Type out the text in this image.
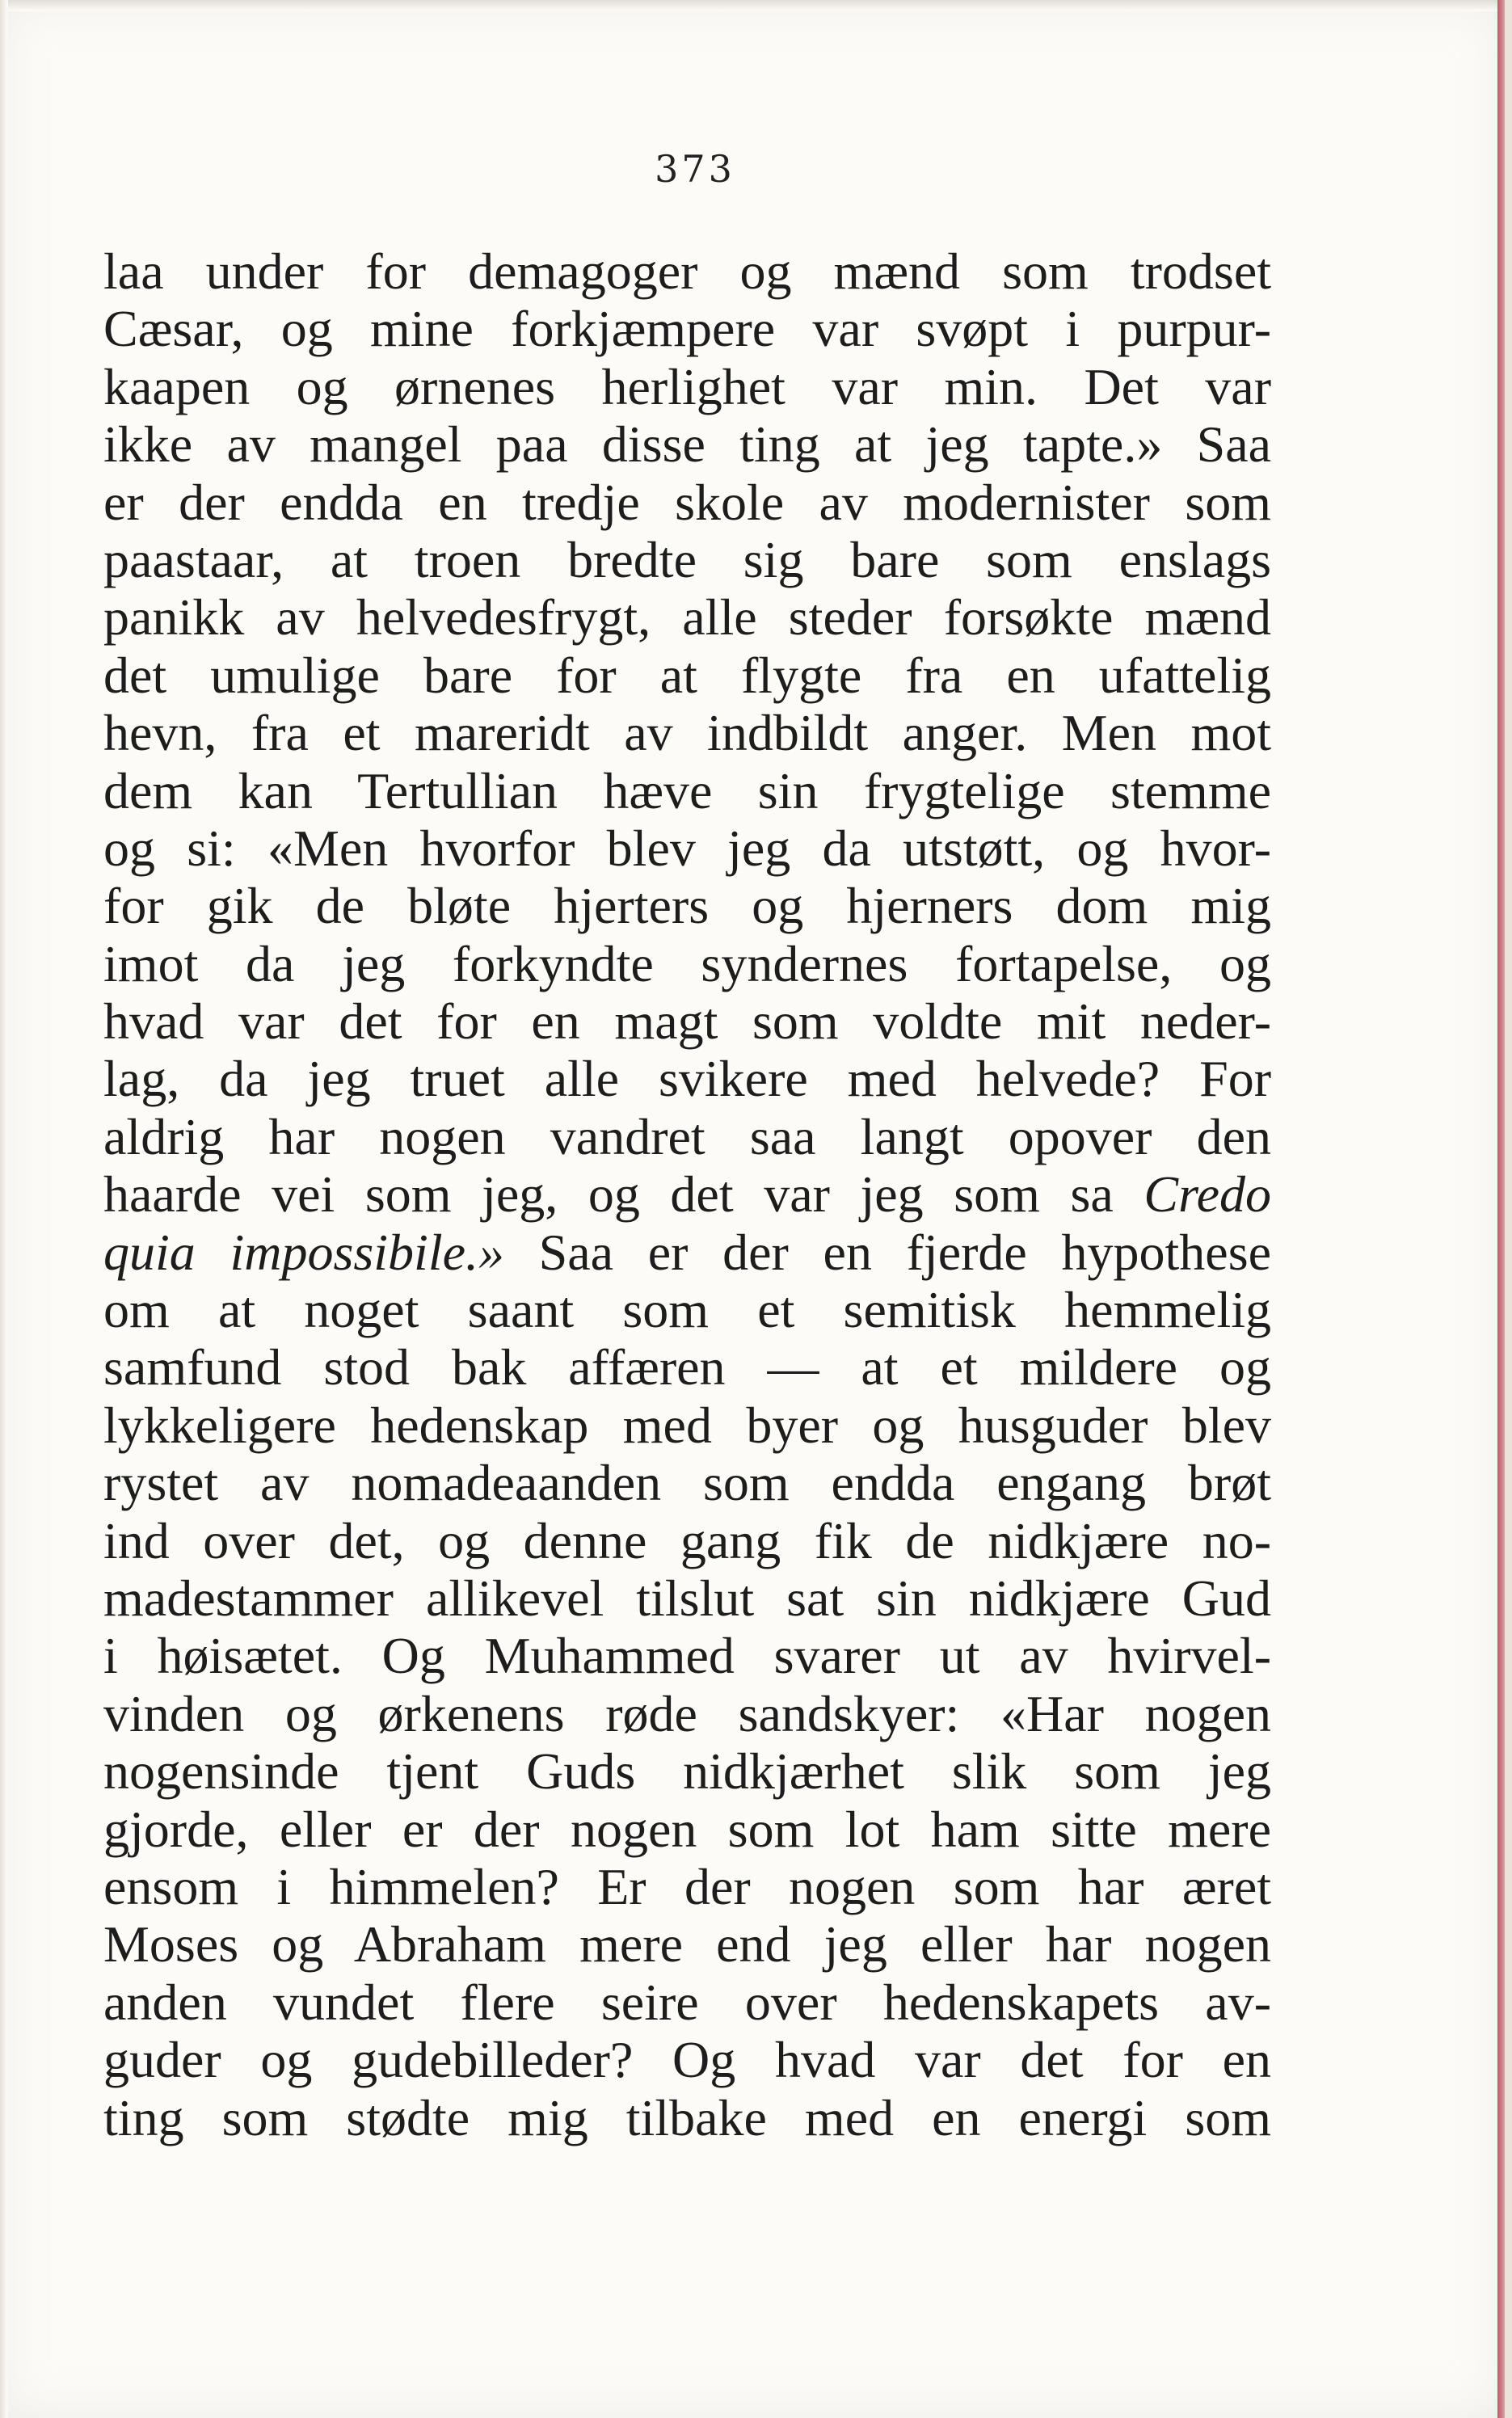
373
laa under for demagoger og mænd som trodset
Cæsar, og mine forkjæmpere var svøpt i purpur-
kaapen og ørnenes herlighet var min. Det var
ikke av mangel paa disse ting at jeg tapte.» Saa
er der endda en tredje skole av modernister som
paastaar, at troen bredte sig bare som enslags
panikk av helvedesfrygt, alle steder forsøkte mænd
det umulige bare for at flygte fra en ufattelig
hevn, fra et mareridt av indbildt anger. Men mot
dem kan Tertullian hæve sin frygtelige stemme
og si: «Men hvorfor blev jeg da utstøtt, og hvor-
for gik de bløte hjerters og hjerners dom mig
imot da jeg forkyndte syndernes fortapelse, og
hvad var det for en magt som voldte mit neder-
lag, da jeg truet alle svikere med helvede? For
aldrig har nogen vandret saa langt opover den
haarde vei som jeg, og det var jeg som sa Credo
quia impossibile.» Saa er der en fjerde hypothese
om at noget saant som et semitisk hemmelig
samfund stod bak affæren — at et mildere og
lykkeligere hedenskap med byer og husguder blev
rystet av nomadeaanden som endda engang brøt
ind over det, og denne gang fik de nidkjære no-
madestammer allikevel tilslut sat sin nidkjære Gud
i høisætet. Og Muhammed svarer ut av hvirvel-
vinden og ørkenens røde sandskyer: «Har nogen
nogensinde tjent Guds nidkjærhet slik som jeg
gjorde, eller er der nogen som lot ham sitte mere
ensom i himmelen? Er der nogen som har æret
Moses og Abraham mere end jeg eller har nogen
anden vundet flere seire over hedenskapets av-
guder og gudebilleder? Og hvad var det for en
ting som stødte mig tilbake med en energi som
